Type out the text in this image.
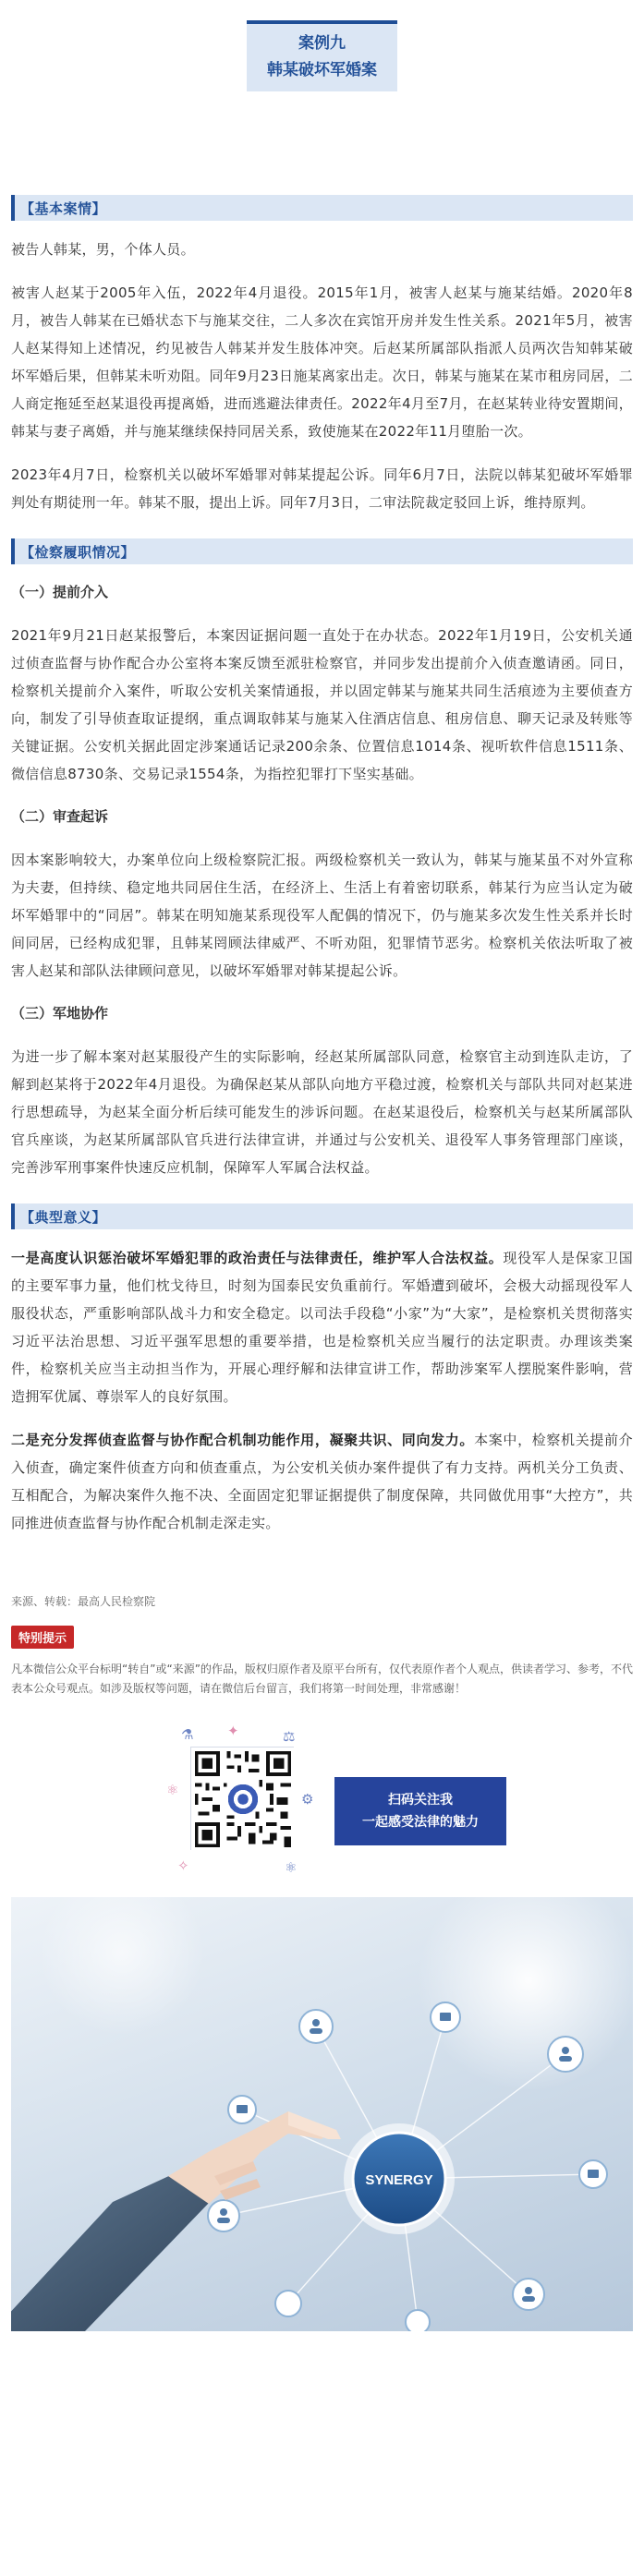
案例九
韩某破坏军婚案
【基本案情】

被告人韩某，男，个体人员。

被害人赵某于2005年入伍，2022年4月退役。2015年1月，被害人赵某与施某结婚。2020年8月，被告人韩某在已婚状态下与施某交往，二人多次在宾馆开房并发生性关系。2021年5月，被害人赵某得知上述情况，约见被告人韩某并发生肢体冲突。后赵某所属部队指派人员两次告知韩某破坏军婚后果，但韩某未听劝阻。同年9月23日施某离家出走。次日，韩某与施某在某市租房同居，二人商定拖延至赵某退役再提离婚，进而逃避法律责任。2022年4月至7月，在赵某转业待安置期间，韩某与妻子离婚，并与施某继续保持同居关系，致使施某在2022年11月堕胎一次。

2023年4月7日，检察机关以破坏军婚罪对韩某提起公诉。同年6月7日，法院以韩某犯破坏军婚罪判处有期徒刑一年。韩某不服，提出上诉。同年7月3日，二审法院裁定驳回上诉，维持原判。

【检察履职情况】
（一）提前介入

2021年9月21日赵某报警后，本案因证据问题一直处于在办状态。2022年1月19日，公安机关通过侦查监督与协作配合办公室将本案反馈至派驻检察官，并同步发出提前介入侦查邀请函。同日，检察机关提前介入案件，听取公安机关案情通报，并以固定韩某与施某共同生活痕迹为主要侦查方向，制发了引导侦查取证提纲，重点调取韩某与施某入住酒店信息、租房信息、聊天记录及转账等关键证据。公安机关据此固定涉案通话记录200余条、位置信息1014条、视听软件信息1511条、微信信息8730条、交易记录1554条，为指控犯罪打下坚实基础。

（二）审查起诉

因本案影响较大，办案单位向上级检察院汇报。两级检察机关一致认为，韩某与施某虽不对外宣称为夫妻，但持续、稳定地共同居住生活，在经济上、生活上有着密切联系，韩某行为应当认定为破坏军婚罪中的“同居”。韩某在明知施某系现役军人配偶的情况下，仍与施某多次发生性关系并长时间同居，已经构成犯罪，且韩某罔顾法律威严、不听劝阻，犯罪情节恶劣。检察机关依法听取了被害人赵某和部队法律顾问意见，以破坏军婚罪对韩某提起公诉。

（三）军地协作

为进一步了解本案对赵某服役产生的实际影响，经赵某所属部队同意，检察官主动到连队走访，了解到赵某将于2022年4月退役。为确保赵某从部队向地方平稳过渡，检察机关与部队共同对赵某进行思想疏导，为赵某全面分析后续可能发生的涉诉问题。在赵某退役后，检察机关与赵某所属部队官兵座谈，为赵某所属部队官兵进行法律宣讲，并通过与公安机关、退役军人事务管理部门座谈，完善涉军刑事案件快速反应机制，保障军人军属合法权益。

【典型意义】

一是高度认识惩治破坏军婚犯罪的政治责任与法律责任，维护军人合法权益。现役军人是保家卫国的主要军事力量，他们枕戈待旦，时刻为国泰民安负重前行。军婚遭到破坏，会极大动摇现役军人服役状态，严重影响部队战斗力和安全稳定。以司法手段稳“小家”为“大家”，是检察机关贯彻落实习近平法治思想、习近平强军思想的重要举措，也是检察机关应当履行的法定职责。办理该类案件，检察机关应当主动担当作为，开展心理纾解和法律宣讲工作，帮助涉案军人摆脱案件影响，营造拥军优属、尊崇军人的良好氛围。

二是充分发挥侦查监督与协作配合机制功能作用，凝聚共识、同向发力。本案中，检察机关提前介入侦查，确定案件侦查方向和侦查重点，为公安机关侦办案件提供了有力支持。两机关分工负责、互相配合，为解决案件久拖不决、全面固定犯罪证据提供了制度保障，共同做优用事“大控方”，共同推进侦查监督与协作配合机制走深走实。

来源、转载：最高人民检察院
特别提示
凡本微信公众平台标明“转自”或“来源”的作品，版权归原作者及原平台所有，仅代表原作者个人观点，供读者学习、参考，不代表本公众号观点。如涉及版权等问题，请在微信后台留言，我们将第一时间处理，非常感谢！
⚗ ✦	⚖
⚛
⚙
✧	⚛
扫码关注我
一起感受法律的魅力
SYNERGY
